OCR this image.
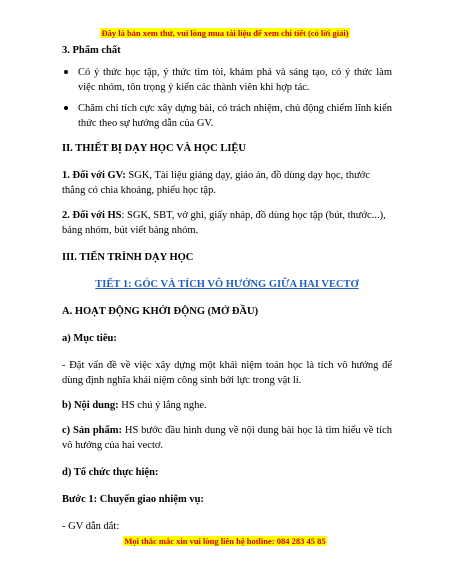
Đây là bản xem thử, vui lòng mua tài liệu để xem chi tiết (có lời giải)

3. Phẩm chất

Có ý thức học tập, ý thức tìm tòi, khám phá và sáng tạo, có ý thức làm việc nhóm, tôn trọng ý kiến các thành viên khi hợp tác.
Chăm chỉ tích cực xây dựng bài, có trách nhiệm, chủ động chiếm lĩnh kiến thức theo sự hướng dẫn của GV.

II. THIẾT BỊ DẠY HỌC VÀ HỌC LIỆU

1. Đối với GV: SGK, Tài liệu giảng dạy, giáo án, đồ dùng dạy học, thước thẳng có chia khoảng, phiếu học tập.

2. Đối với HS: SGK, SBT, vở ghi, giấy nháp, đồ dùng học tập (bút, thước...), bảng nhóm, bút viết bảng nhóm.

III. TIẾN TRÌNH DẠY HỌC

TIẾT 1: GÓC VÀ TÍCH VÔ HƯỚNG GIỮA HAI VECTƠ

A. HOẠT ĐỘNG KHỞI ĐỘNG (MỞ ĐẦU)

a) Mục tiêu:

- Đặt vấn đề về việc xây dựng một khái niệm toán học là tích vô hướng để dùng định nghĩa khái niệm công sinh bởi lực trong vật lí.

b) Nội dung: HS chú ý lắng nghe.

c) Sản phẩm: HS bước đầu hình dung về nội dung bài học là tìm hiểu về tích vô hướng của hai vectơ.

d) Tổ chức thực hiện:

Bước 1: Chuyển giao nhiệm vụ:

- GV dẫn dắt:

Mọi thắc mắc xin vui lòng liên hệ hotline: 084 283 45 85
